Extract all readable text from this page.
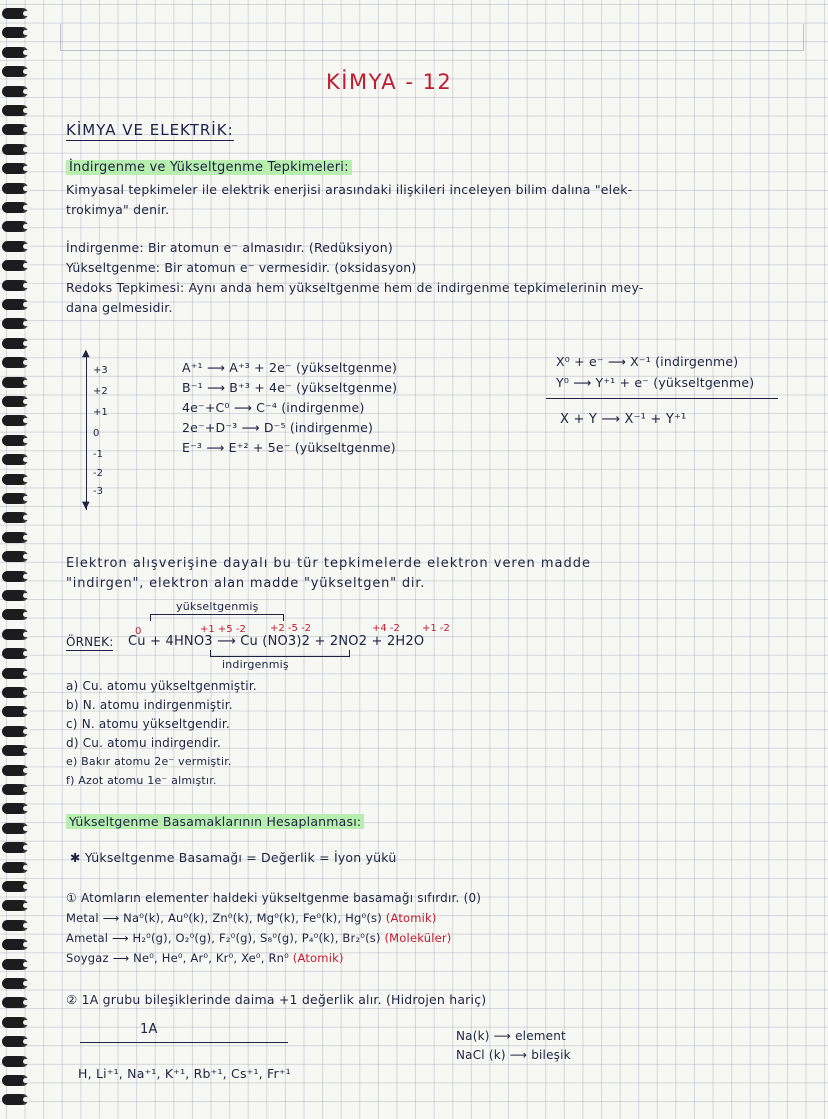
KİMYA - 12
KİMYA VE ELEKTRİK:
İndirgenme ve Yükseltgenme Tepkimeleri:
Kimyasal tepkimeler ile elektrik enerjisi arasındaki ilişkileri inceleyen bilim dalına "elek-
trokimya" denir.
İndirgenme: Bir atomun e⁻ almasıdır. (Redüksiyon)
Yükseltgenme: Bir atomun e⁻ vermesidir. (oksidasyon)
Redoks Tepkimesi: Aynı anda hem yükseltgenme hem de indirgenme tepkimelerinin mey-
dana gelmesidir.
▲
▼
+3
+2
+1
0
-1
-2
-3
A⁺¹ ⟶ A⁺³ + 2e⁻ (yükseltgenme)
B⁻¹ ⟶ B⁺³ + 4e⁻ (yükseltgenme)
4e⁻+C⁰ ⟶ C⁻⁴ (indirgenme)
2e⁻+D⁻³ ⟶ D⁻⁵ (indirgenme)
E⁻³ ⟶ E⁺² + 5e⁻ (yükseltgenme)
X⁰ + e⁻ ⟶ X⁻¹ (indirgenme)
Y⁰ ⟶ Y⁺¹ + e⁻ (yükseltgenme)
X + Y ⟶ X⁻¹ + Y⁺¹
Elektron alışverişine dayalı bu tür tepkimelerde elektron veren madde
"indirgen", elektron alan madde "yükseltgen" dir.
yükseltgenmiş
0	+1 +5 -2 +2 -5 -2	+4 -2 +1 -2
ÖRNEK: Cu + 4HNO3 ⟶ Cu (NO3)2 + 2NO2 + 2H2O
indirgenmiş
a) Cu. atomu yükseltgenmiştir.
b) N. atomu indirgenmiştir.
c) N. atomu yükseltgendir.
d) Cu. atomu indirgendir.
e) Bakır atomu 2e⁻ vermiştir.
f) Azot atomu 1e⁻ almıştır.
Yükseltgenme Basamaklarının Hesaplanması:
✱ Yükseltgenme Basamağı = Değerlik = İyon yükü
① Atomların elementer haldeki yükseltgenme basamağı sıfırdır. (0)
Metal ⟶ Na⁰(k), Au⁰(k), Zn⁰(k), Mg⁰(k), Fe⁰(k), Hg⁰(s) (Atomik)
Ametal ⟶ H₂⁰(g), O₂⁰(g), F₂⁰(g), S₈⁰(g), P₄⁰(k), Br₂⁰(s) (Moleküler)
Soygaz ⟶ Ne⁰, He⁰, Ar⁰, Kr⁰, Xe⁰, Rn⁰ (Atomik)
② 1A grubu bileşiklerinde daima +1 değerlik alır. (Hidrojen hariç)
1A
H, Li⁺¹, Na⁺¹, K⁺¹, Rb⁺¹, Cs⁺¹, Fr⁺¹
Na(k) ⟶ element
NaCl (k) ⟶ bileşik
